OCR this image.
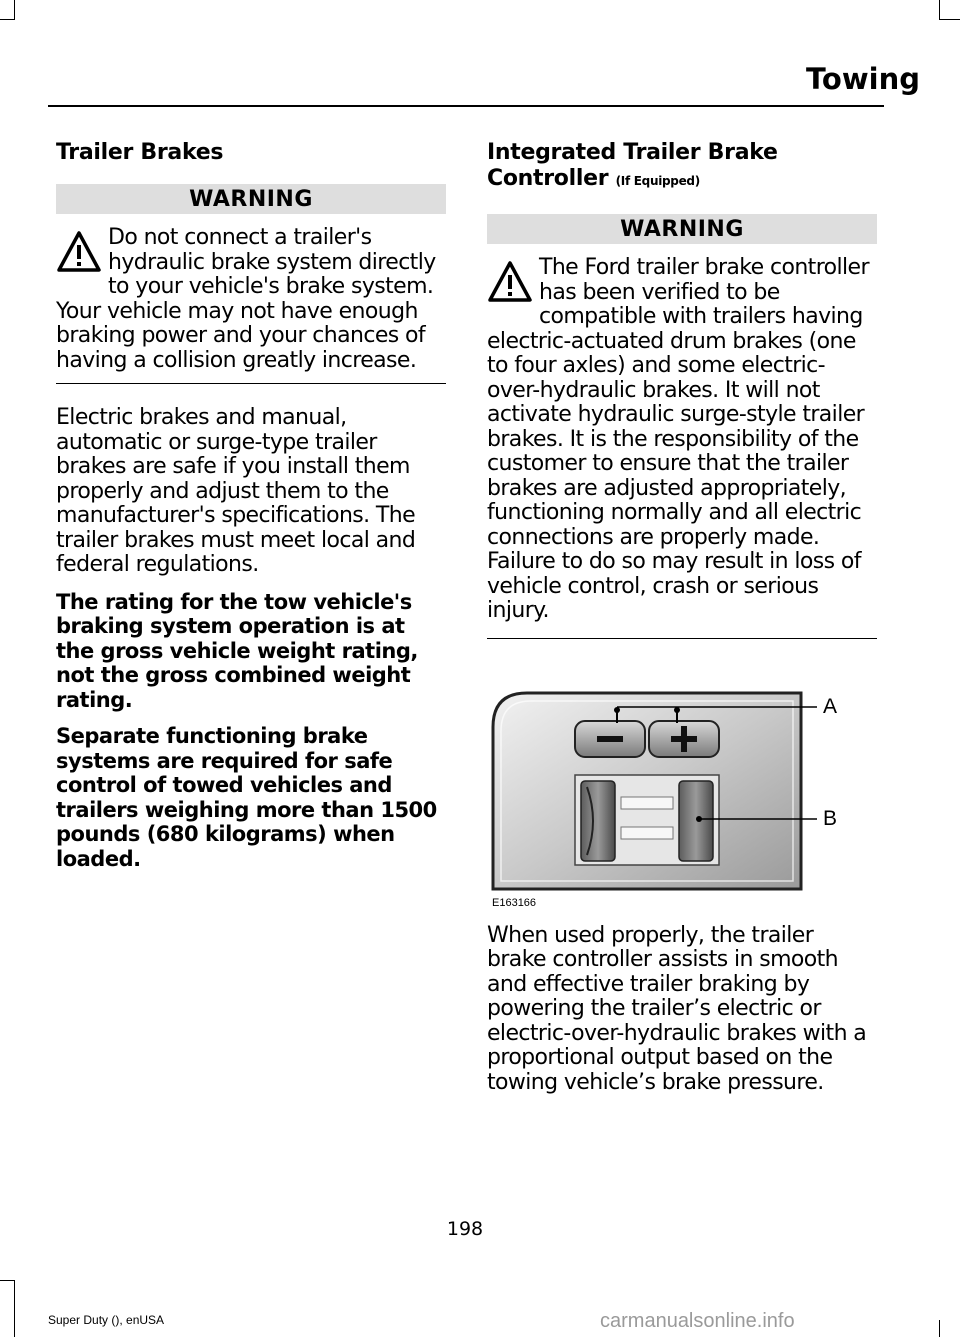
Towing
Trailer Brakes
WARNING
Do not connect a trailer's hydraulic brake system directly to your vehicle's brake system. Your vehicle may not have enough braking power and your chances of having a collision greatly increase.
Electric brakes and manual, automatic or surge-type trailer brakes are safe if you install them properly and adjust them to the manufacturer's specifications. The trailer brakes must meet local and federal regulations.
The rating for the tow vehicle's braking system operation is at the gross vehicle weight rating, not the gross combined weight rating.
Separate functioning brake systems are required for safe control of towed vehicles and trailers weighing more than 1500 pounds (680 kilograms) when loaded.
Integrated Trailer Brake Controller (If Equipped)
WARNING
The Ford trailer brake controller has been verified to be compatible with trailers having electric-actuated drum brakes (one to four axles) and some electric-over-hydraulic brakes. It will not activate hydraulic surge-style trailer brakes. It is the responsibility of the customer to ensure that the trailer brakes are adjusted appropriately, functioning normally and all electric connections are properly made. Failure to do so may result in loss of vehicle control, crash or serious injury.
A
B
E163166
When used properly, the trailer brake controller assists in smooth and effective trailer braking by powering the trailer’s electric or electric-over-hydraulic brakes with a proportional output based on the towing vehicle’s brake pressure.
198
Super Duty (), enUSA	carmanualsonline.info
